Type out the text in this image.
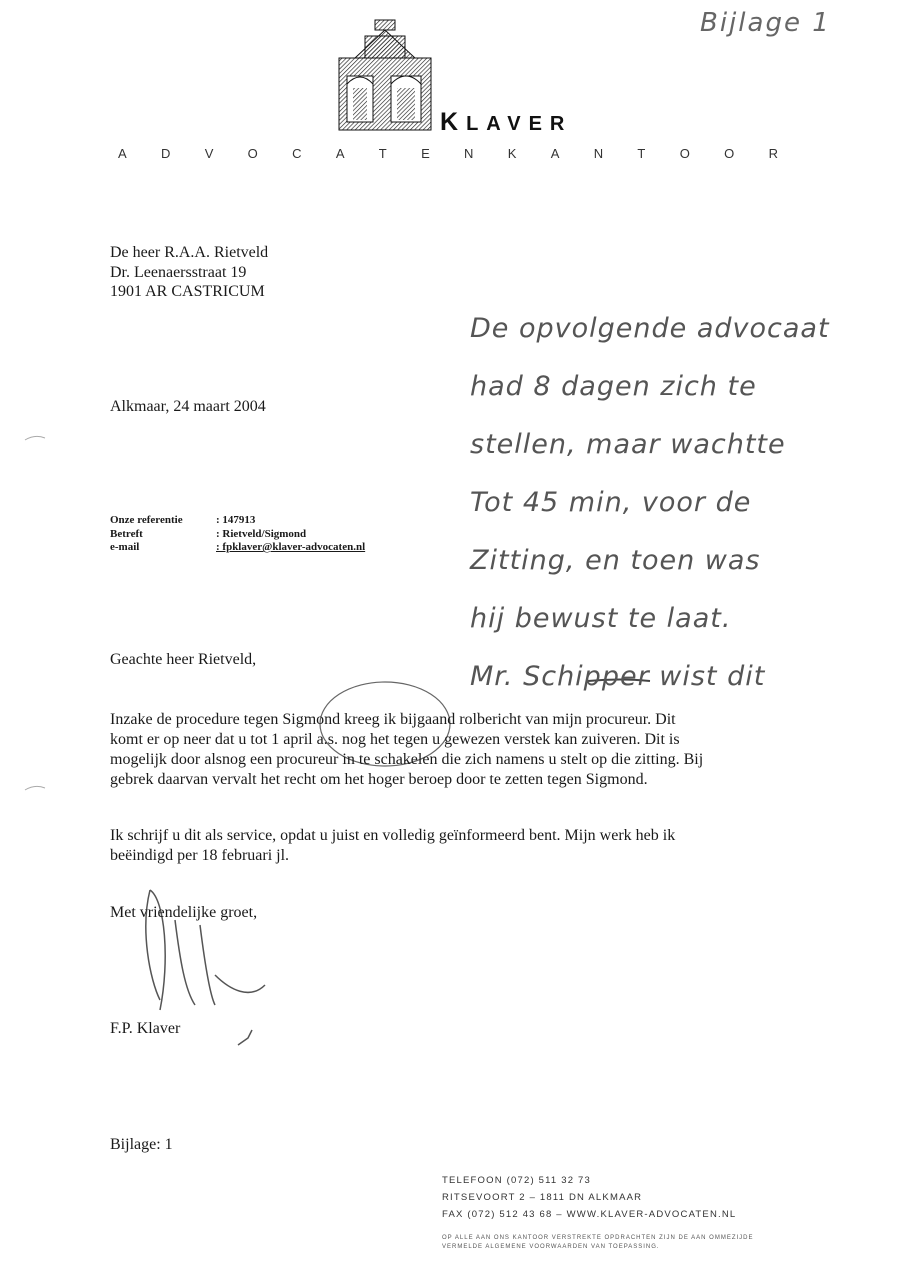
KLAVER
A	D	V	O	C	A	T	E	N	K	A	N	T	O	O	R
Bijlage 1
De heer R.A.A. Rietveld
Dr. Leenaersstraat 19
1901 AR CASTRICUM
Alkmaar, 24 maart 2004
Onze referentie	: 147913
Betreft	: Rietveld/Sigmond
e-mail	: fpklaver@klaver-advocaten.nl
Geachte heer Rietveld,
Inzake de procedure tegen Sigmond kreeg ik bijgaand rolbericht van mijn procureur. Dit komt er op neer dat u tot 1 april a.s. nog het tegen u gewezen verstek kan zuiveren. Dit is mogelijk door alsnog een procureur in te schakelen die zich namens u stelt op die zitting. Bij gebrek daarvan vervalt het recht om het hoger beroep door te zetten tegen Sigmond.
Ik schrijf u dit als service, opdat u juist en volledig geïnformeerd bent. Mijn werk heb ik beëindigd per 18 februari jl.
Met vriendelijke groet,
F.P. Klaver
Bijlage: 1
TELEFOON (072) 511 32 73
RITSEVOORT 2 – 1811 DN ALKMAAR
FAX (072) 512 43 68 – WWW.KLAVER-ADVOCATEN.NL
OP ALLE AAN ONS KANTOOR VERSTREKTE OPDRACHTEN ZIJN DE AAN OMMEZIJDE
VERMELDE ALGEMENE VOORWAARDEN VAN TOEPASSING.
De opvolgende advocaat
had 8 dagen zich te
stellen, maar wachtte
Tot 45 min, voor de
Zitting, en toen was
hij bewust te laat.
Mr. Schipper wist dit
